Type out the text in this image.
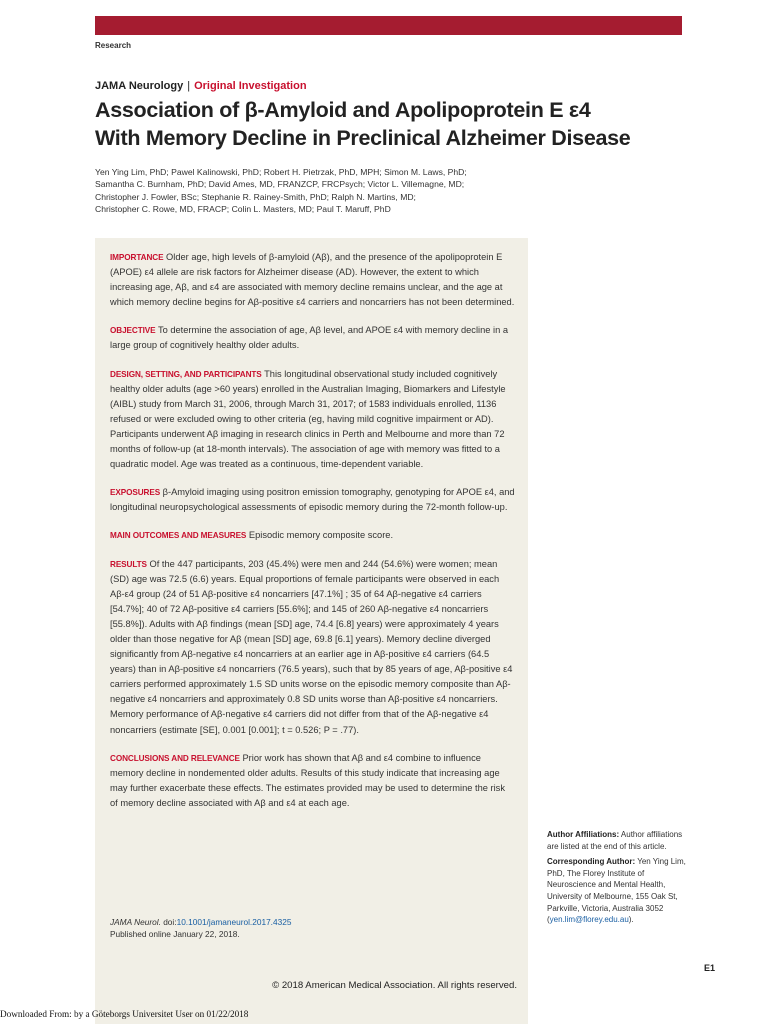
Research
JAMA Neurology | Original Investigation
Association of β-Amyloid and Apolipoprotein E ε4
With Memory Decline in Preclinical Alzheimer Disease
Yen Ying Lim, PhD; Pawel Kalinowski, PhD; Robert H. Pietrzak, PhD, MPH; Simon M. Laws, PhD;
Samantha C. Burnham, PhD; David Ames, MD, FRANZCP, FRCPsych; Victor L. Villemagne, MD;
Christopher J. Fowler, BSc; Stephanie R. Rainey-Smith, PhD; Ralph N. Martins, MD;
Christopher C. Rowe, MD, FRACP; Colin L. Masters, MD; Paul T. Maruff, PhD

IMPORTANCE Older age, high levels of β-amyloid (Aβ), and the presence of the apolipoprotein E (APOE) ε4 allele are risk factors for Alzheimer disease (AD). However, the extent to which increasing age, Aβ, and ε4 are associated with memory decline remains unclear, and the age at which memory decline begins for Aβ-positive ε4 carriers and noncarriers has not been determined.

OBJECTIVE To determine the association of age, Aβ level, and APOE ε4 with memory decline in a large group of cognitively healthy older adults.

DESIGN, SETTING, AND PARTICIPANTS This longitudinal observational study included cognitively healthy older adults (age >60 years) enrolled in the Australian Imaging, Biomarkers and Lifestyle (AIBL) study from March 31, 2006, through March 31, 2017; of 1583 individuals enrolled, 1136 refused or were excluded owing to other criteria (eg, having mild cognitive impairment or AD). Participants underwent Aβ imaging in research clinics in Perth and Melbourne and more than 72 months of follow-up (at 18-month intervals). The association of age with memory was fitted to a quadratic model. Age was treated as a continuous, time-dependent variable.

EXPOSURES β-Amyloid imaging using positron emission tomography, genotyping for APOE ε4, and longitudinal neuropsychological assessments of episodic memory during the 72-month follow-up.

MAIN OUTCOMES AND MEASURES Episodic memory composite score.

RESULTS Of the 447 participants, 203 (45.4%) were men and 244 (54.6%) were women; mean (SD) age was 72.5 (6.6) years. Equal proportions of female participants were observed in each Aβ-ε4 group (24 of 51 Aβ-positive ε4 noncarriers [47.1%] ; 35 of 64 Aβ-negative ε4 carriers [54.7%]; 40 of 72 Aβ-positive ε4 carriers [55.6%]; and 145 of 260 Aβ-negative ε4 noncarriers [55.8%]). Adults with Aβ findings (mean [SD] age, 74.4 [6.8] years) were approximately 4 years older than those negative for Aβ (mean [SD] age, 69.8 [6.1] years). Memory decline diverged significantly from Aβ-negative ε4 noncarriers at an earlier age in Aβ-positive ε4 carriers (64.5 years) than in Aβ-positive ε4 noncarriers (76.5 years), such that by 85 years of age, Aβ-positive ε4 carriers performed approximately 1.5 SD units worse on the episodic memory composite than Aβ-negative ε4 noncarriers and approximately 0.8 SD units worse than Aβ-positive ε4 noncarriers. Memory performance of Aβ-negative ε4 carriers did not differ from that of the Aβ-negative ε4 noncarriers (estimate [SE], 0.001 [0.001]; t = 0.526; P = .77).

CONCLUSIONS AND RELEVANCE Prior work has shown that Aβ and ε4 combine to influence memory decline in nondemented older adults. Results of this study indicate that increasing age may further exacerbate these effects. The estimates provided may be used to determine the risk of memory decline associated with Aβ and ε4 at each age.

JAMA Neurol. doi:10.1001/jamaneurol.2017.4325
Published online January 22, 2018.
© 2018 American Medical Association. All rights reserved.

Author Affiliations: Author affiliations are listed at the end of this article.

Corresponding Author: Yen Ying Lim, PhD, The Florey Institute of Neuroscience and Mental Health, University of Melbourne, 155 Oak St, Parkville, Victoria, Australia 3052 (yen.lim@florey.edu.au).

E1
Downloaded From: by a Göteborgs Universitet User on 01/22/2018
